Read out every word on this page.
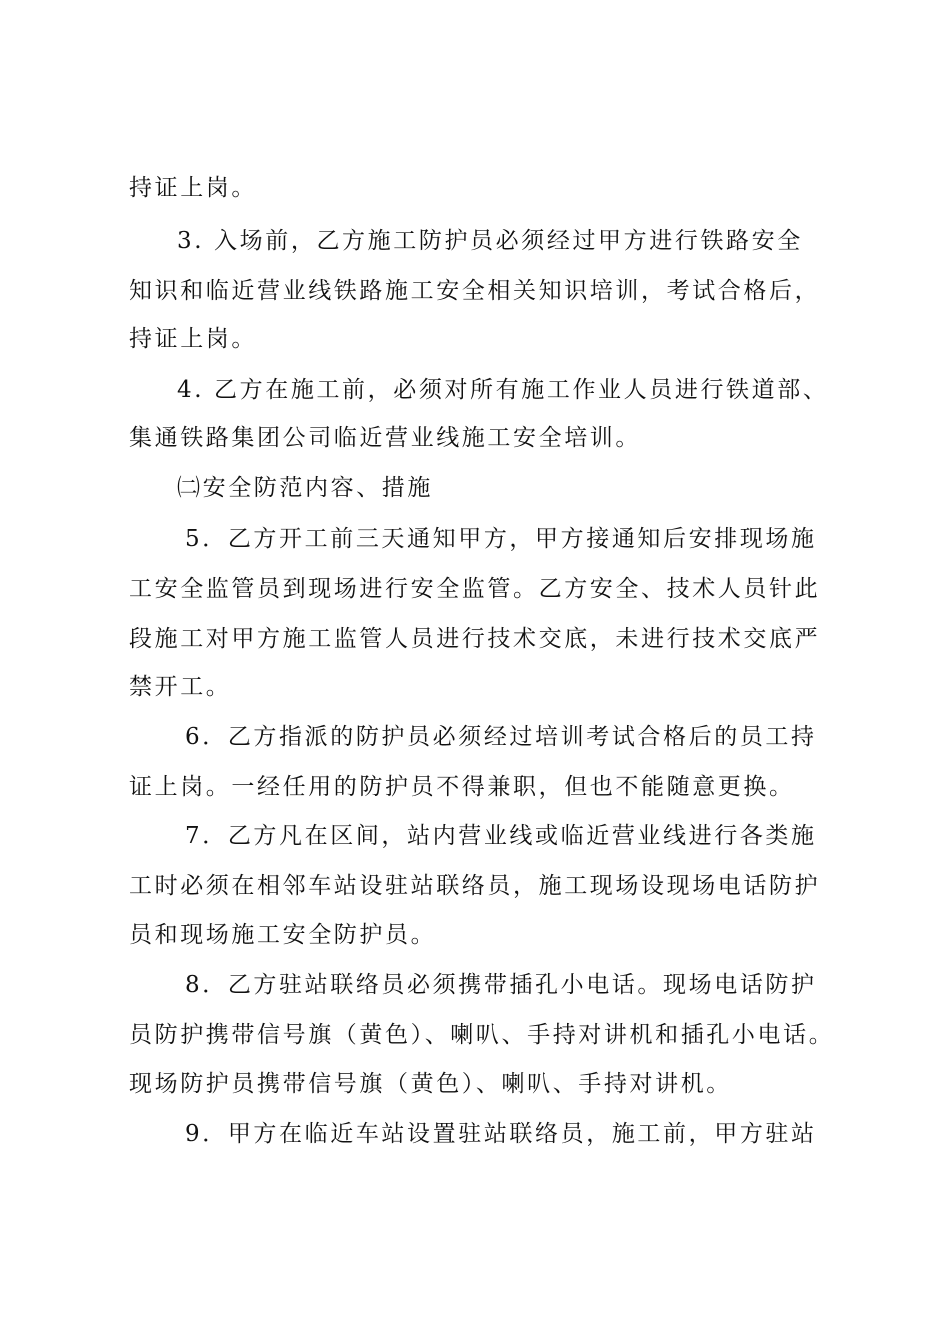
持证上岗。
3. 入场前，乙方施工防护员必须经过甲方进行铁路安全
知识和临近营业线铁路施工安全相关知识培训，考试合格后，
持证上岗。
4. 乙方在施工前，必须对所有施工作业人员进行铁道部、
集通铁路集团公司临近营业线施工安全培训。
㈡安全防范内容、措施
5．乙方开工前三天通知甲方，甲方接通知后安排现场施
工安全监管员到现场进行安全监管。乙方安全、技术人员针此
段施工对甲方施工监管人员进行技术交底，未进行技术交底严
禁开工。
6．乙方指派的防护员必须经过培训考试合格后的员工持
证上岗。一经任用的防护员不得兼职，但也不能随意更换。
7．乙方凡在区间，站内营业线或临近营业线进行各类施
工时必须在相邻车站设驻站联络员，施工现场设现场电话防护
员和现场施工安全防护员。
8．乙方驻站联络员必须携带插孔小电话。现场电话防护
员防护携带信号旗（黄色）、喇叭、手持对讲机和插孔小电话。
现场防护员携带信号旗（黄色）、喇叭、手持对讲机。
9．甲方在临近车站设置驻站联络员，施工前，甲方驻站
